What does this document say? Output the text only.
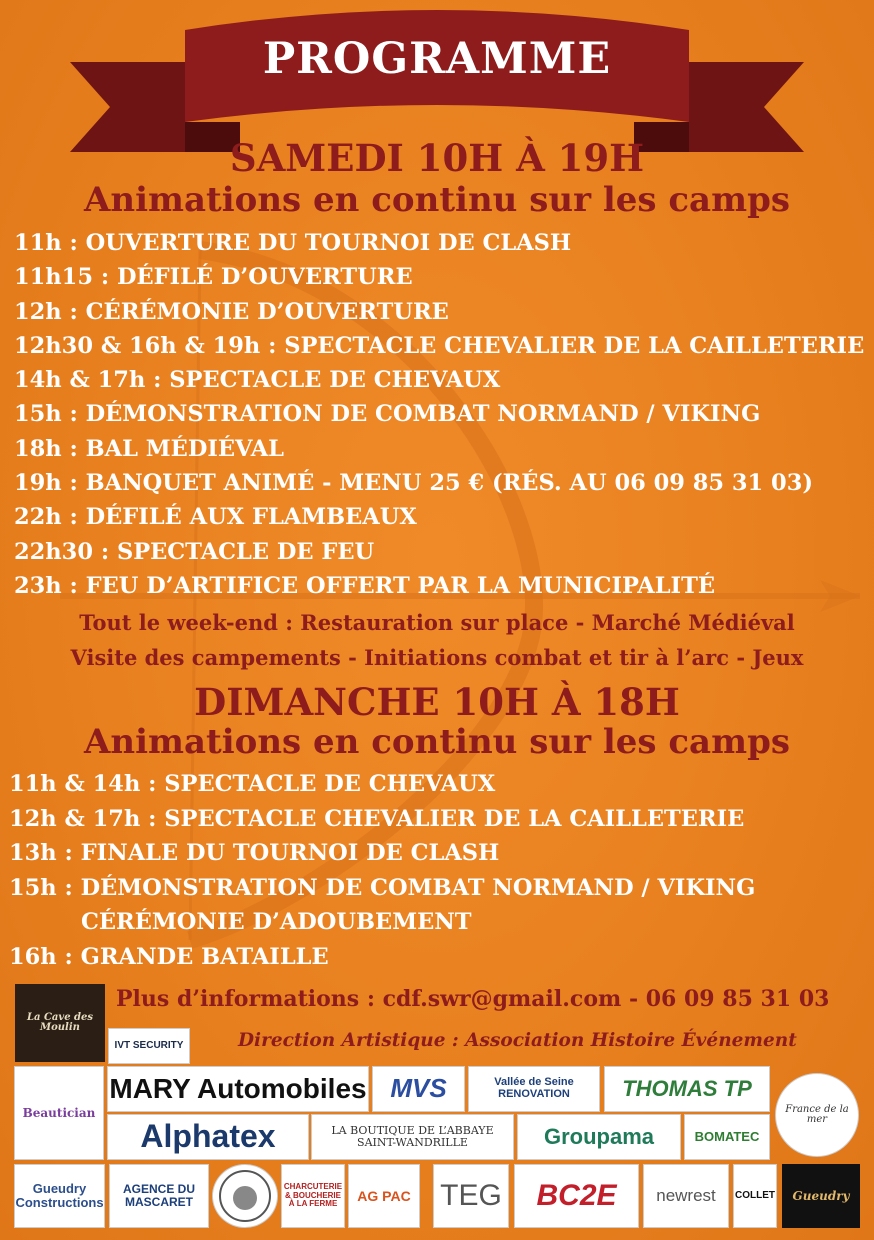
PROGRAMME
SAMEDI 10H À 19H
Animations en continu sur les camps
11h : OUVERTURE DU TOURNOI DE CLASH
11h15 : DÉFILÉ D’OUVERTURE
12h : CÉRÉMONIE D’OUVERTURE
12h30 & 16h & 19h : SPECTACLE CHEVALIER DE LA CAILLETERIE
14h & 17h : SPECTACLE DE CHEVAUX
15h : DÉMONSTRATION DE COMBAT NORMAND / VIKING
18h : BAL MÉDIÉVAL
19h : BANQUET ANIMÉ - MENU 25 € (RÉS. AU 06 09 85 31 03)
22h : DÉFILÉ AUX FLAMBEAUX
22h30 : SPECTACLE DE FEU
23h : FEU D’ARTIFICE OFFERT PAR LA MUNICIPALITÉ
Tout le week-end : Restauration sur place - Marché Médiéval
Visite des campements - Initiations combat et tir à l’arc - Jeux
DIMANCHE 10H À 18H
Animations en continu sur les camps
11h & 14h : SPECTACLE DE CHEVAUX
12h & 17h : SPECTACLE CHEVALIER DE LA CAILLETERIE
13h : FINALE DU TOURNOI DE CLASH
15h : DÉMONSTRATION DE COMBAT NORMAND / VIKING
CÉRÉMONIE D’ADOUBEMENT
16h : GRANDE BATAILLE
Plus d’informations : cdf.swr@gmail.com - 06 09 85 31 03
Direction Artistique : Association Histoire Événement
La Cave des Moulin
IVT SECURITY
Beautician
MARY Automobiles MVS	Vallée de Seine RENOVATION	THOMAS TP
France de la mer
Alphatex	LA BOUTIQUE DE L’ABBAYE SAINT-WANDRILLE	Groupama	BOMATEC
Gueudry Constructions
AGENCE DU MASCARET
CHARCUTERIE & BOUCHERIE À LA FERME
AG PAC TEG BC2E newrest COLLET Gueudry
